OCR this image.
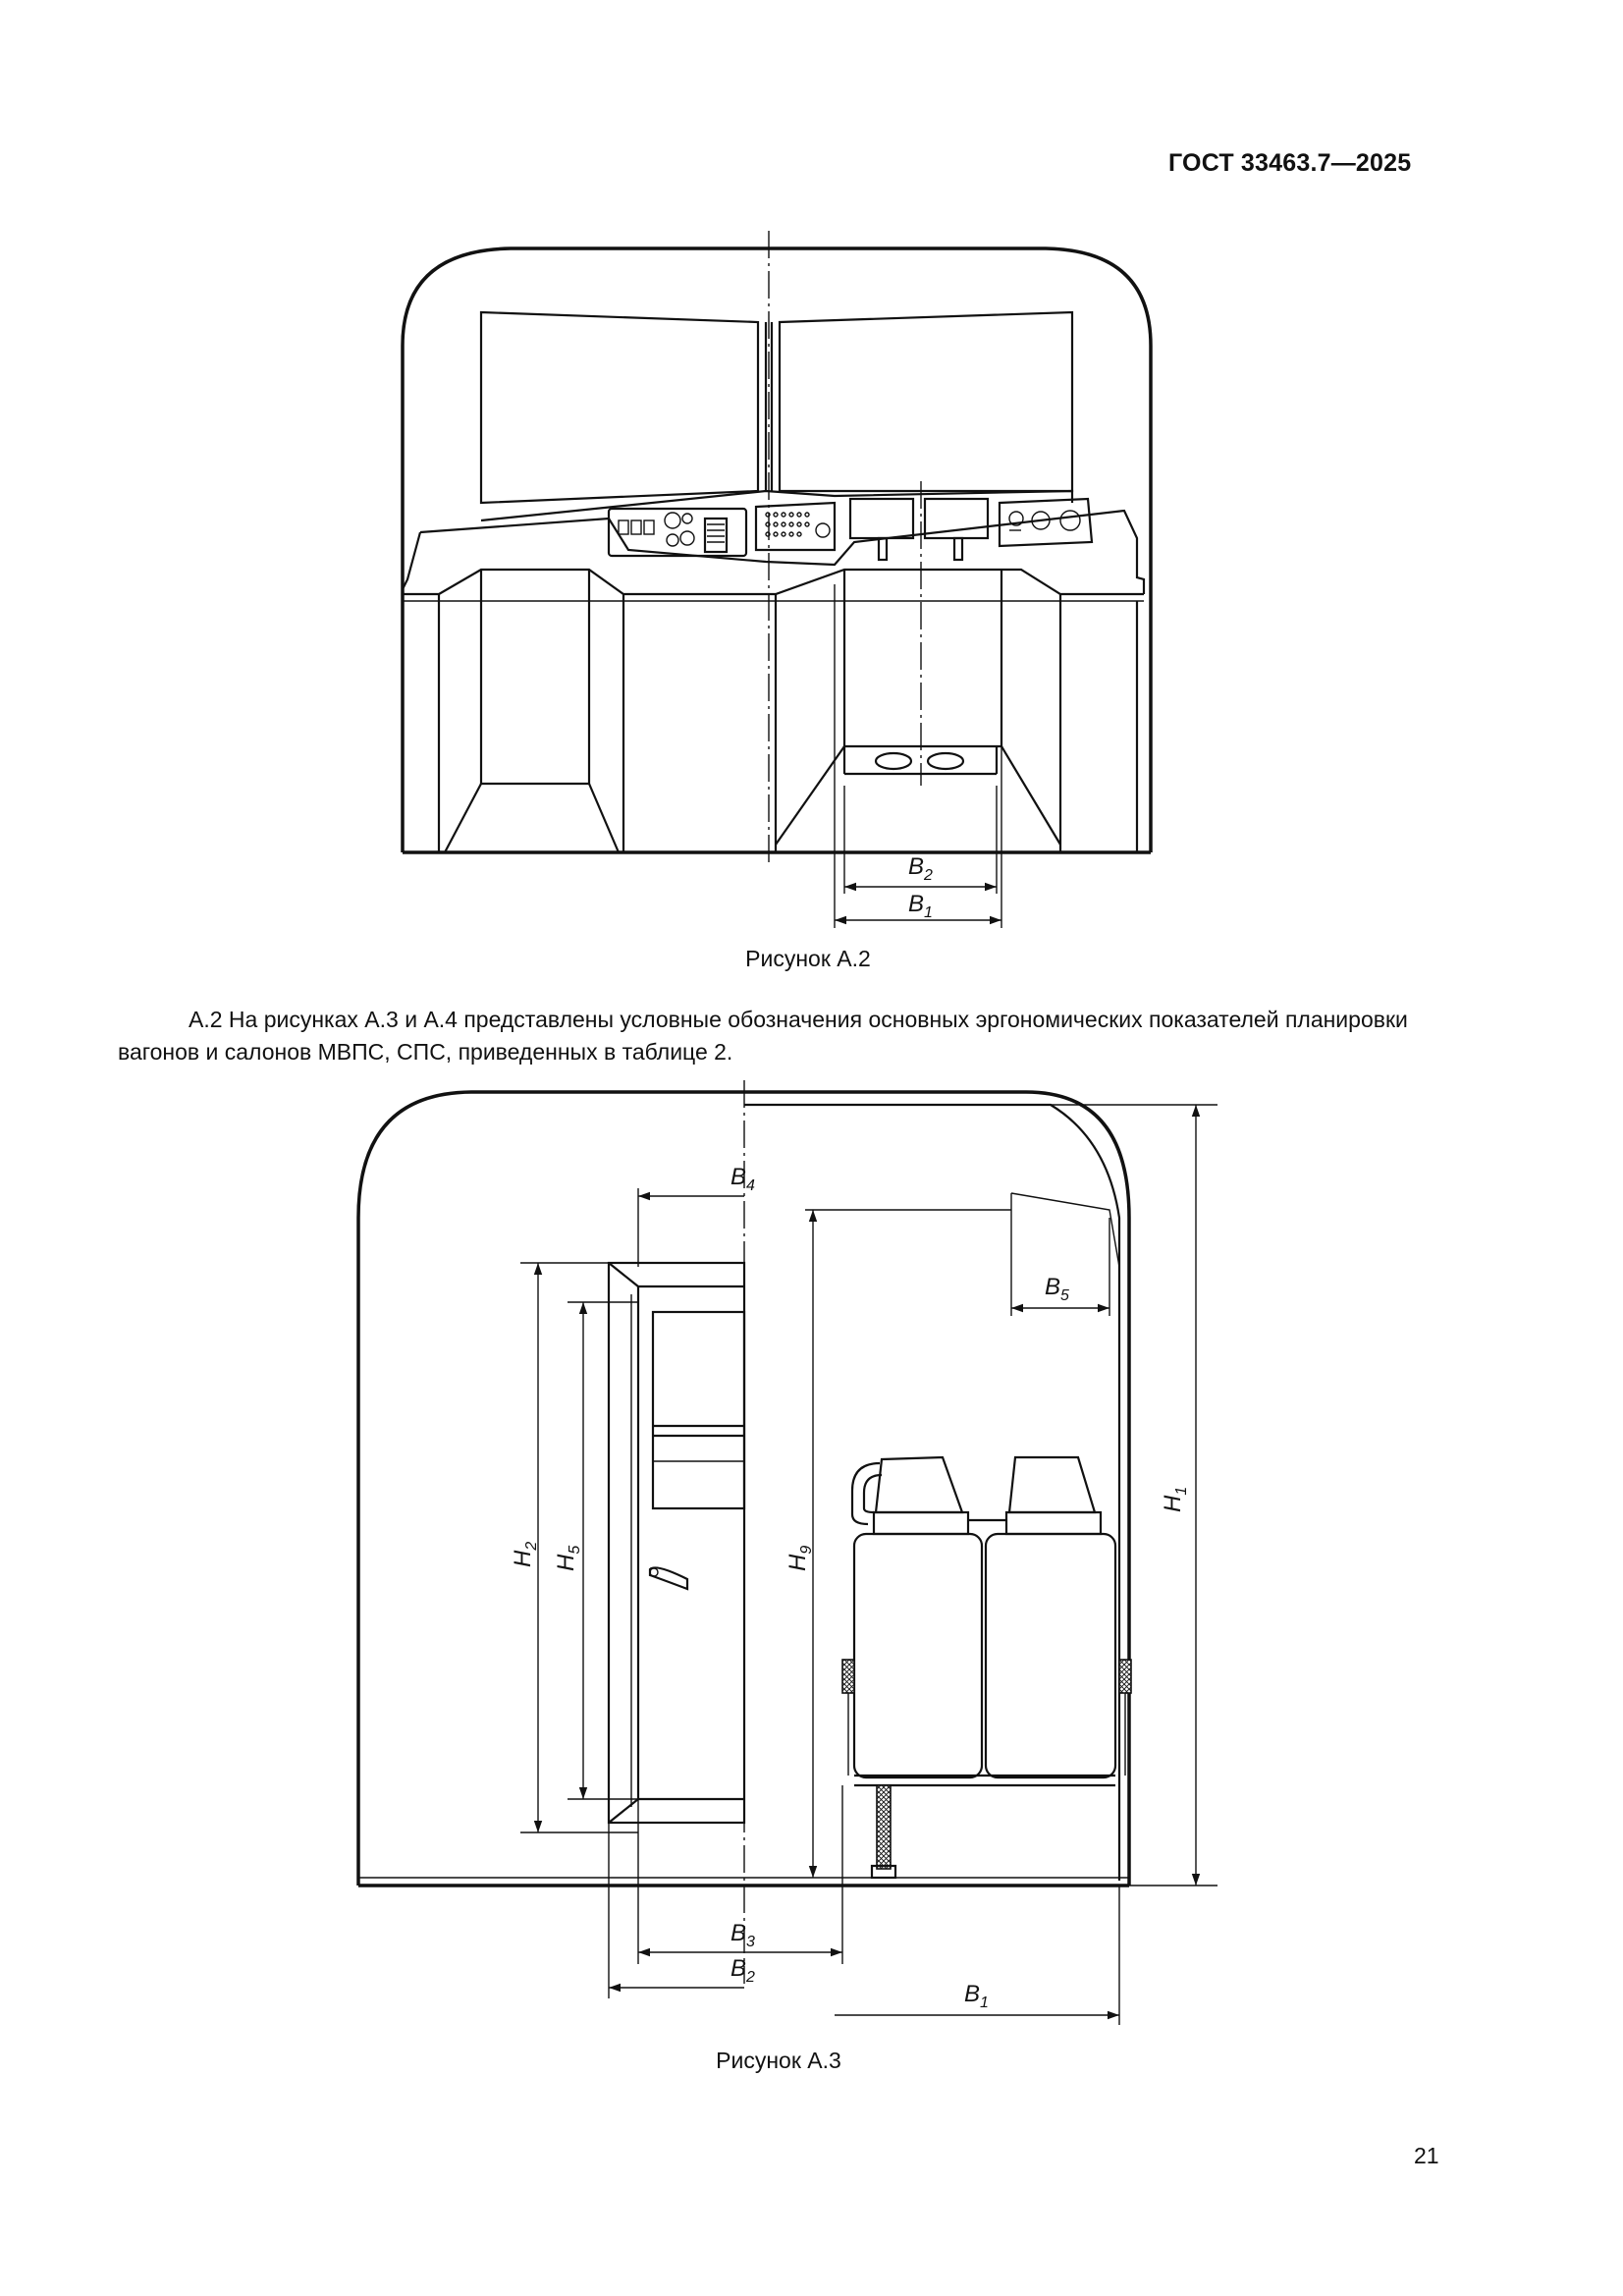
ГОСТ 33463.7—2025
$B_2$
$B_1$
$B_4$
$B_5$
$H_1$
$H_9$
$H_2$
$H_5$
$B_3$
$B_2$
$B_1$
Рисунок А.2
А.2 На рисунках А.3 и А.4 представлены условные обозначения основных эргономических показателей планировки вагонов и салонов МВПС, СПС, приведенных в таблице 2.
Рисунок А.3
21
